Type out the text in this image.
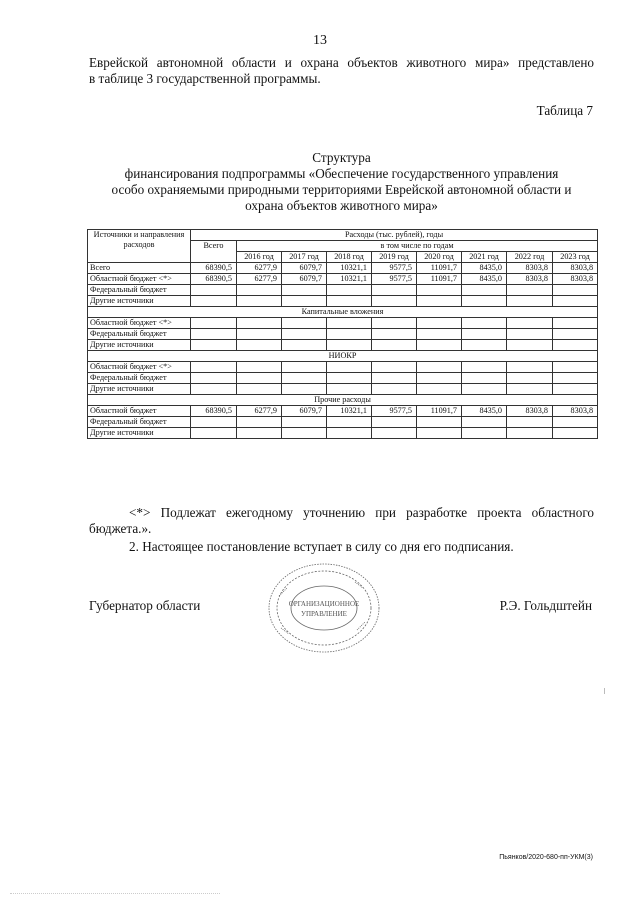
13
Еврейской автономной области и охрана объектов животного мира» представлено
в таблице 3 государственной программы.
Таблица 7
Структура
финансирования подпрограммы «Обеспечение государственного управления
особо охраняемыми природными территориями Еврейской автономной области и
охрана объектов животного мира»
Источники и направления расходов	Расходы (тыс. рублей), годы								
	Всего	в том числе по годам							
		2016 год	2017 год	2018 год	2019 год	2020 год	2021 год	2022 год	2023 год
Всего	68390,5	6277,9	6079,7	10321,1	9577,5	11091,7	8435,0	8303,8	8303,8
Областной бюджет <*>	68390,5	6277,9	6079,7	10321,1	9577,5	11091,7	8435,0	8303,8	8303,8
Федеральный бюджет									
Другие источники									
Капитальные вложения									
Областной бюджет <*>									
Федеральный бюджет									
Другие источники									
НИОКР									
Областной бюджет <*>									
Федеральный бюджет									
Другие источники									
Прочие расходы									
Областной бюджет	68390,5	6277,9	6079,7	10321,1	9577,5	11091,7	8435,0	8303,8	8303,8
Федеральный бюджет									
Другие источники									
<*> Подлежат ежегодному уточнению при разработке проекта областного
бюджета.».
2. Настоящее постановление вступает в силу со дня его подписания.
Губернатор области	ОРГАНИЗАЦИОННОЕ
УПРАВЛЕНИЕ
Р.Э. Гольдштейн
Пьянков/2020-680-пп-УКМ(3)
